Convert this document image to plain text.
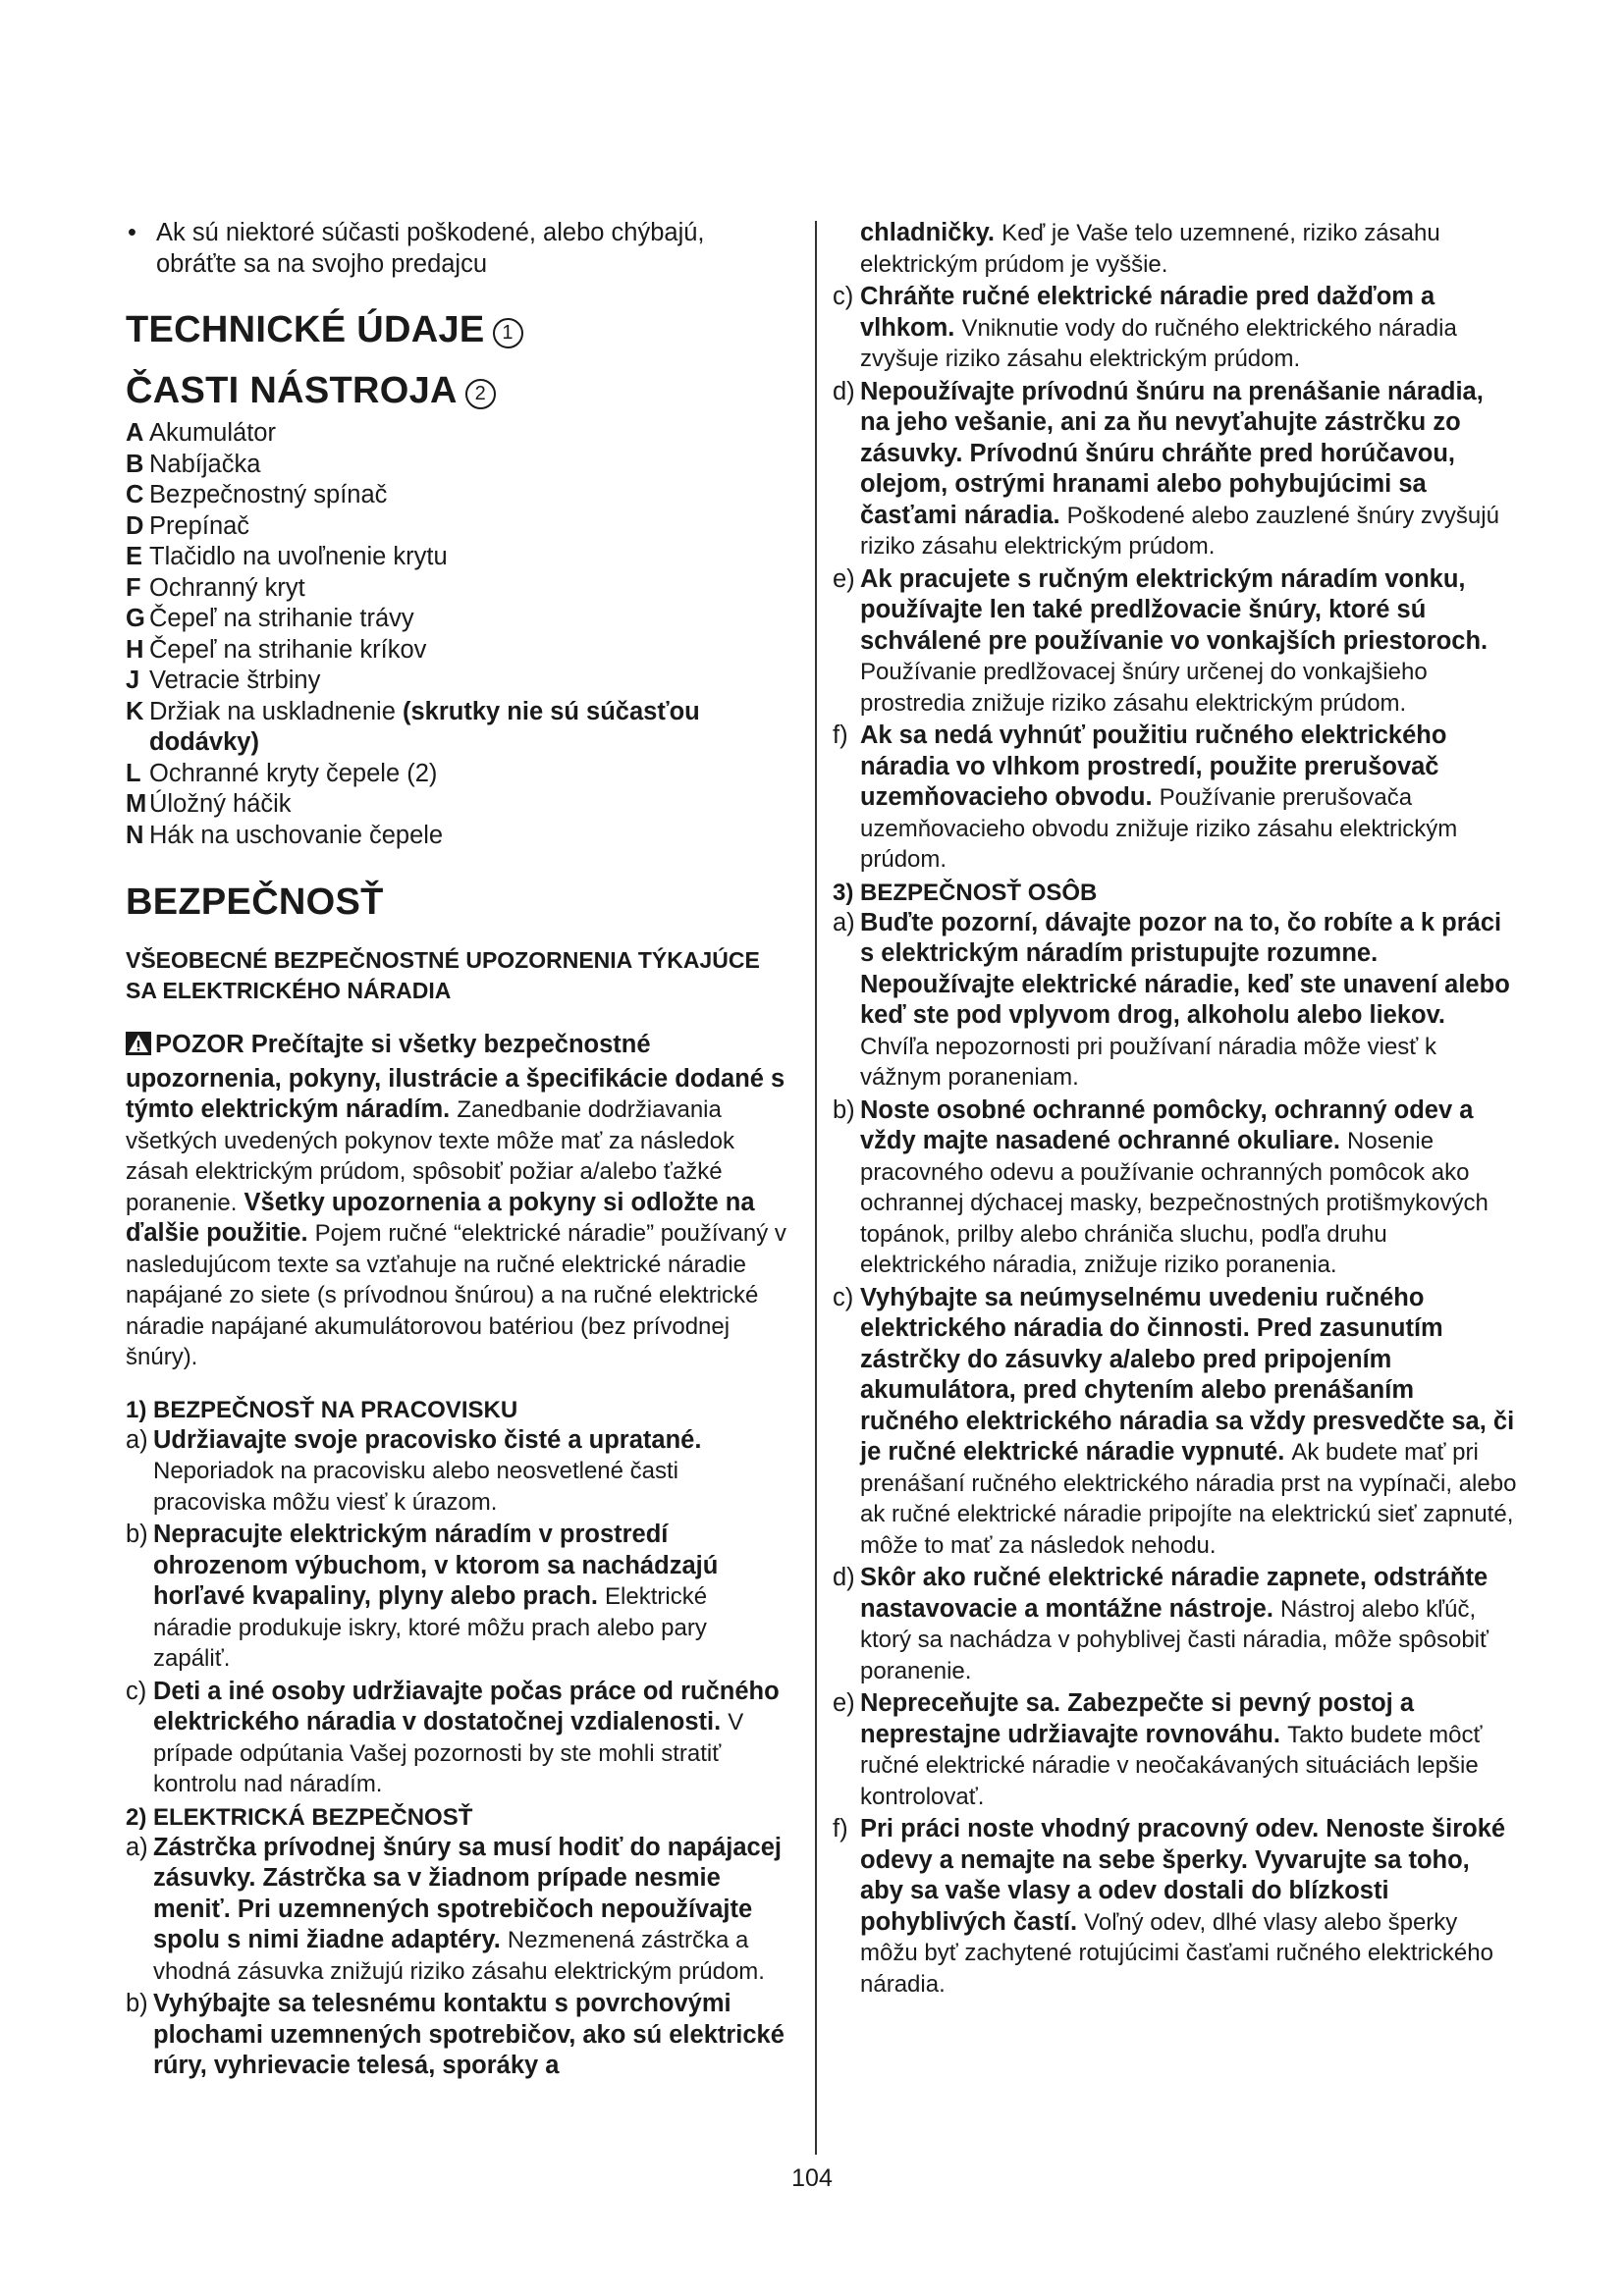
• Ak sú niektoré súčasti poškodené, alebo chýbajú, obráťte sa na svojho predajcu

TECHNICKÉ ÚDAJE 1
ČASTI NÁSTROJA 2
A Akumulátor
B Nabíjačka
C Bezpečnostný spínač
D Prepínač
E Tlačidlo na uvoľnenie krytu
F Ochranný kryt
G Čepeľ na strihanie trávy
H Čepeľ na strihanie kríkov
J Vetracie štrbiny
K Držiak na uskladnenie (skrutky nie sú súčasťou dodávky)
L Ochranné kryty čepele (2)
M Úložný háčik
N Hák na uschovanie čepele
BEZPEČNOSŤ
VŠEOBECNÉ BEZPEČNOSTNÉ UPOZORNENIA TÝKAJÚCE SA ELEKTRICKÉHO NÁRADIA

POZOR Prečítajte si všetky bezpečnostné upozornenia, pokyny, ilustrácie a špecifikácie dodané s týmto elektrickým náradím. Zanedbanie dodržiavania všetkých uvedených pokynov texte môže mať za následok zásah elektrickým prúdom, spôsobiť požiar a/alebo ťažké poranenie. Všetky upozornenia a pokyny si odložte na ďalšie použitie. Pojem ručné “elektrické náradie” používaný v nasledujúcom texte sa vzťahuje na ručné elektrické náradie napájané zo siete (s prívodnou šnúrou) a na ručné elektrické náradie napájané akumulátorovou batériou (bez prívodnej šnúry).

1) BEZPEČNOSŤ NA PRACOVISKU
a) Udržiavajte svoje pracovisko čisté a upratané. Neporiadok na pracovisku alebo neosvetlené časti pracoviska môžu viesť k úrazom.
b) Nepracujte elektrickým náradím v prostredí ohrozenom výbuchom, v ktorom sa nachádzajú horľavé kvapaliny, plyny alebo prach. Elektrické náradie produkuje iskry, ktoré môžu prach alebo pary zapáliť.
c) Deti a iné osoby udržiavajte počas práce od ručného elektrického náradia v dostatočnej vzdialenosti. V prípade odpútania Vašej pozornosti by ste mohli stratiť kontrolu nad náradím.
2) ELEKTRICKÁ BEZPEČNOSŤ
a) Zástrčka prívodnej šnúry sa musí hodiť do napájacej zásuvky. Zástrčka sa v žiadnom prípade nesmie meniť. Pri uzemnených spotrebičoch nepoužívajte spolu s nimi žiadne adaptéry. Nezmenená zástrčka a vhodná zásuvka znižujú riziko zásahu elektrickým prúdom.
b) Vyhýbajte sa telesnému kontaktu s povrchovými plochami uzemnených spotrebičov, ako sú elektrické rúry, vyhrievacie telesá, sporáky a
chladničky. Keď je Vaše telo uzemnené, riziko zásahu elektrickým prúdom je vyššie.
c) Chráňte ručné elektrické náradie pred dažďom a vlhkom. Vniknutie vody do ručného elektrického náradia zvyšuje riziko zásahu elektrickým prúdom.
d) Nepoužívajte prívodnú šnúru na prenášanie náradia, na jeho vešanie, ani za ňu nevyťahujte zástrčku zo zásuvky. Prívodnú šnúru chráňte pred horúčavou, olejom, ostrými hranami alebo pohybujúcimi sa časťami náradia. Poškodené alebo zauzlené šnúry zvyšujú riziko zásahu elektrickým prúdom.
e) Ak pracujete s ručným elektrickým náradím vonku, používajte len také predlžovacie šnúry, ktoré sú schválené pre používanie vo vonkajších priestoroch. Používanie predlžovacej šnúry určenej do vonkajšieho prostredia znižuje riziko zásahu elektrickým prúdom.
f) Ak sa nedá vyhnúť použitiu ručného elektrického náradia vo vlhkom prostredí, použite prerušovač uzemňovacieho obvodu. Používanie prerušovača uzemňovacieho obvodu znižuje riziko zásahu elektrickým prúdom.
3) BEZPEČNOSŤ OSÔB
a) Buďte pozorní, dávajte pozor na to, čo robíte a k práci s elektrickým náradím pristupujte rozumne. Nepoužívajte elektrické náradie, keď ste unavení alebo keď ste pod vplyvom drog, alkoholu alebo liekov. Chvíľa nepozornosti pri používaní náradia môže viesť k vážnym poraneniam.
b) Noste osobné ochranné pomôcky, ochranný odev a vždy majte nasadené ochranné okuliare. Nosenie pracovného odevu a používanie ochranných pomôcok ako ochrannej dýchacej masky, bezpečnostných protišmykových topánok, prilby alebo chrániča sluchu, podľa druhu elektrického náradia, znižuje riziko poranenia.
c) Vyhýbajte sa neúmyselnému uvedeniu ručného elektrického náradia do činnosti. Pred zasunutím zástrčky do zásuvky a/alebo pred pripojením akumulátora, pred chytením alebo prenášaním ručného elektrického náradia sa vždy presvedčte sa, či je ručné elektrické náradie vypnuté. Ak budete mať pri prenášaní ručného elektrického náradia prst na vypínači, alebo ak ručné elektrické náradie pripojíte na elektrickú sieť zapnuté, môže to mať za následok nehodu.
d) Skôr ako ručné elektrické náradie zapnete, odstráňte nastavovacie a montážne nástroje. Nástroj alebo kľúč, ktorý sa nachádza v pohyblivej časti náradia, môže spôsobiť poranenie.
e) Nepreceňujte sa. Zabezpečte si pevný postoj a neprestajne udržiavajte rovnováhu. Takto budete môcť ručné elektrické náradie v neočakávaných situáciách lepšie kontrolovať.
f) Pri práci noste vhodný pracovný odev. Nenoste široké odevy a nemajte na sebe šperky. Vyvarujte sa toho, aby sa vaše vlasy a odev dostali do blízkosti pohyblivých častí. Voľný odev, dlhé vlasy alebo šperky môžu byť zachytené rotujúcimi časťami ručného elektrického náradia.
104
